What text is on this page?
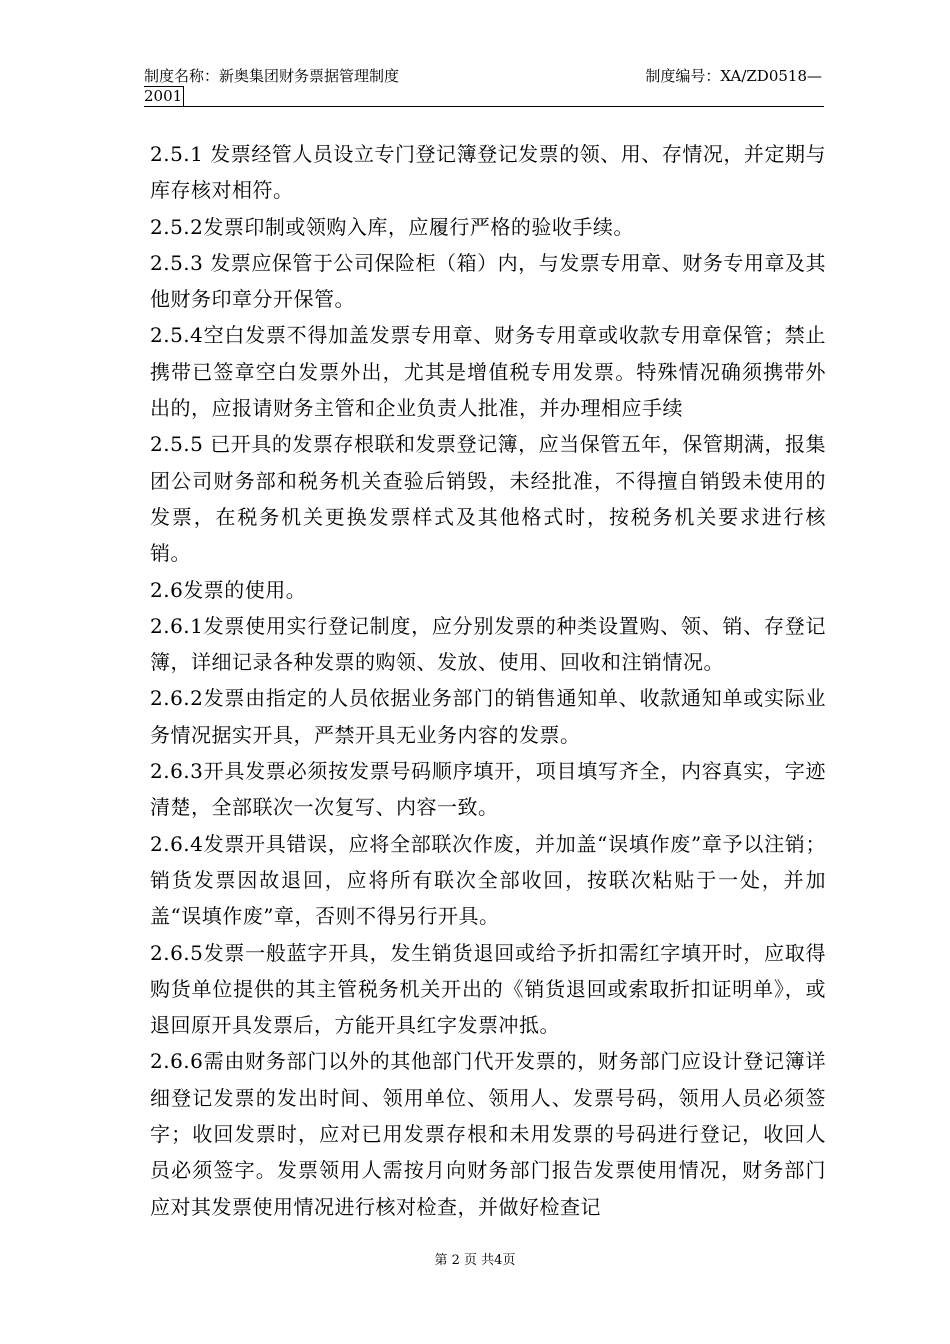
制度名称：新奥集团财务票据管理制度	制度编号：XA/ZD0518—
2001

2.5.1 发票经管人员设立专门登记簿登记发票的领、用、存情况，并定期与库存核对相符。

2.5.2发票印制或领购入库，应履行严格的验收手续。

2.5.3 发票应保管于公司保险柜（箱）内，与发票专用章、财务专用章及其他财务印章分开保管。

2.5.4空白发票不得加盖发票专用章、财务专用章或收款专用章保管；禁止携带已签章空白发票外出，尤其是增值税专用发票。特殊情况确须携带外出的，应报请财务主管和企业负责人批准，并办理相应手续

2.5.5 已开具的发票存根联和发票登记簿，应当保管五年，保管期满，报集团公司财务部和税务机关查验后销毁，未经批准，不得擅自销毁未使用的发票，在税务机关更换发票样式及其他格式时，按税务机关要求进行核销。

2.6发票的使用。

2.6.1发票使用实行登记制度，应分别发票的种类设置购、领、销、存登记簿，详细记录各种发票的购领、发放、使用、回收和注销情况。

2.6.2发票由指定的人员依据业务部门的销售通知单、收款通知单或实际业务情况据实开具，严禁开具无业务内容的发票。

2.6.3开具发票必须按发票号码顺序填开，项目填写齐全，内容真实，字迹清楚，全部联次一次复写、内容一致。

2.6.4发票开具错误，应将全部联次作废，并加盖“误填作废”章予以注销；销货发票因故退回，应将所有联次全部收回，按联次粘贴于一处，并加盖“误填作废”章，否则不得另行开具。

2.6.5发票一般蓝字开具，发生销货退回或给予折扣需红字填开时，应取得购货单位提供的其主管税务机关开出的《销货退回或索取折扣证明单》，或退回原开具发票后，方能开具红字发票冲抵。

2.6.6需由财务部门以外的其他部门代开发票的，财务部门应设计登记簿详细登记发票的发出时间、领用单位、领用人、发票号码，领用人员必须签字；收回发票时，应对已用发票存根和未用发票的号码进行登记，收回人员必须签字。发票领用人需按月向财务部门报告发票使用情况，财务部门应对其发票使用情况进行核对检查，并做好检查记

第 2 页 共4页
